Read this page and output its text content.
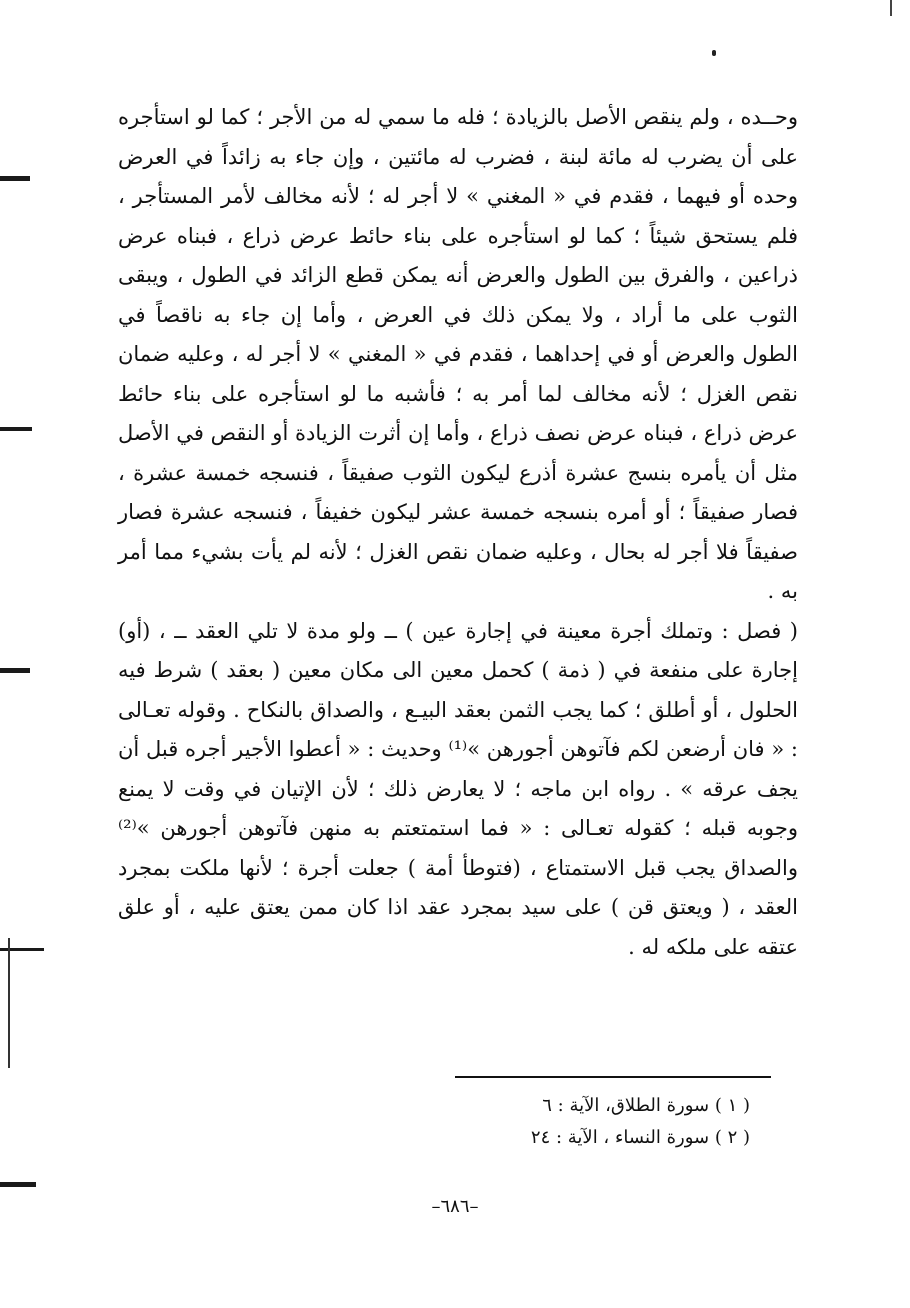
وحــده ، ولم ينقص الأصل بالزيادة ؛ فله ما سمي له من الأجر ؛ كما لو استأجره على أن يضرب له مائة لبنة ، فضرب له مائتين ، وإن جاء به زائداً في العرض وحده أو فيهما ، فقدم في « المغني » لا أجر له ؛ لأنه مخالف لأمر المستأجر ، فلم يستحق شيئاً ؛ كما لو استأجره على بناء حائط عرض ذراع ، فبناه عرض ذراعين ، والفرق بين الطول والعرض أنه يمكن قطع الزائد في الطول ، ويبقى الثوب على ما أراد ، ولا يمكن ذلك في العرض ، وأما إن جاء به ناقصاً في الطول والعرض أو في إحداهما ، فقدم في « المغني » لا أجر له ، وعليه ضمان نقص الغزل ؛ لأنه مخالف لما أمر به ؛ فأشبه ما لو استأجره على بناء حائط عرض ذراع ، فبناه عرض نصف ذراع ، وأما إن أثرت الزيادة أو النقص في الأصل مثل أن يأمره بنسج عشرة أذرع ليكون الثوب صفيقاً ، فنسجه خمسة عشرة ، فصار صفيقاً ؛ أو أمره بنسجه خمسة عشر ليكون خفيفاً ، فنسجه عشرة فصار صفيقاً فلا أجر له بحال ، وعليه ضمان نقص الغزل ؛ لأنه لم يأت بشيء مما أمر به .

( فصل : وتملك أجرة معينة في إجارة عين ) ــ ولو مدة لا تلي العقد ــ ، (أو) إجارة على منفعة في ( ذمة ) كحمل معين الى مكان معين ( بعقد ) شرط فيه الحلول ، أو أطلق ؛ كما يجب الثمن بعقد البيـع ، والصداق بالنكاح . وقوله تعـالى : « فان أرضعن لكم فآتوهن أجورهن »⁽¹⁾ وحديث : « أعطوا الأجير أجره قبل أن يجف عرقه » . رواه ابن ماجه ؛ لا يعارض ذلك ؛ لأن الإتيان في وقت لا يمنع وجوبه قبله ؛ كقوله تعـالى : « فما استمتعتم به منهن فآتوهن أجورهن »⁽²⁾ والصداق يجب قبل الاستمتاع ، (فتوطأ أمة ) جعلت أجرة ؛ لأنها ملكت بمجرد العقد ، ( ويعتق قن ) على سيد بمجرد عقد اذا كان ممن يعتق عليه ، أو علق عتقه على ملكه له .

( ١ ) سورة الطلاق، الآية : ٦
( ٢ ) سورة النساء ، الآية : ٢٤
–٦٨٦–
